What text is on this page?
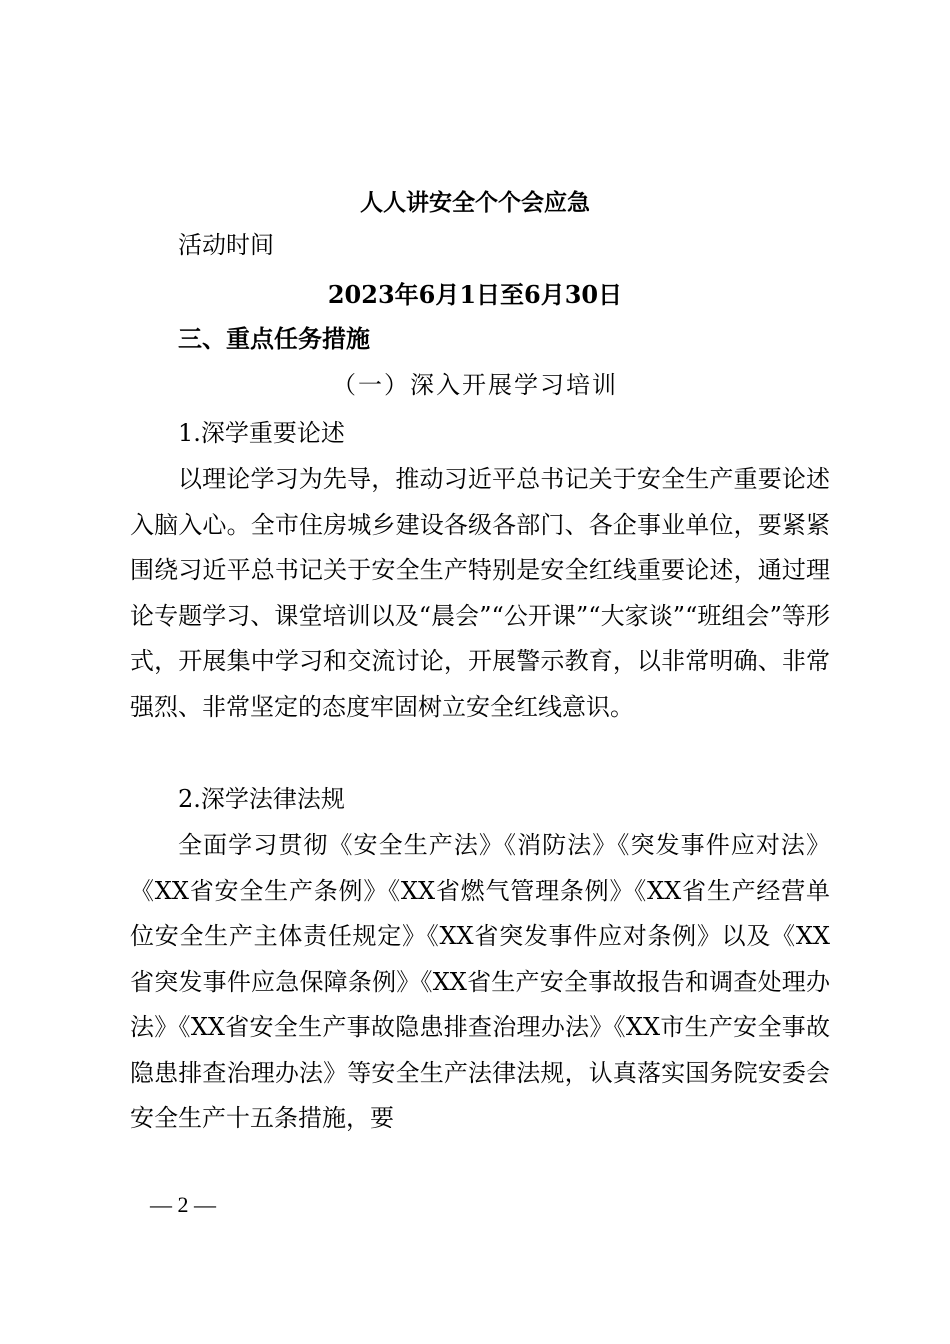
人人讲安全个个会应急
活动时间
2023年6月1日至6月30日
三、重点任务措施
（一）深入开展学习培训
1.深学重要论述
以理论学习为先导，推动习近平总书记关于安全生产重要论述入脑入心。全市住房城乡建设各级各部门、各企事业单位，要紧紧围绕习近平总书记关于安全生产特别是安全红线重要论述，通过理论专题学习、课堂培训以及“晨会”“公开课”“大家谈”“班组会”等形式，开展集中学习和交流讨论，开展警示教育，以非常明确、非常强烈、非常坚定的态度牢固树立安全红线意识。
2.深学法律法规
全面学习贯彻《安全生产法》《消防法》《突发事件应对法》《XX省安全生产条例》《XX省燃气管理条例》《XX省生产经营单位安全生产主体责任规定》《XX省突发事件应对条例》以及《XX省突发事件应急保障条例》《XX省生产安全事故报告和调查处理办法》《XX省安全生产事故隐患排查治理办法》《XX市生产安全事故隐患排查治理办法》等安全生产法律法规，认真落实国务院安委会安全生产十五条措施，要
— 2 —
